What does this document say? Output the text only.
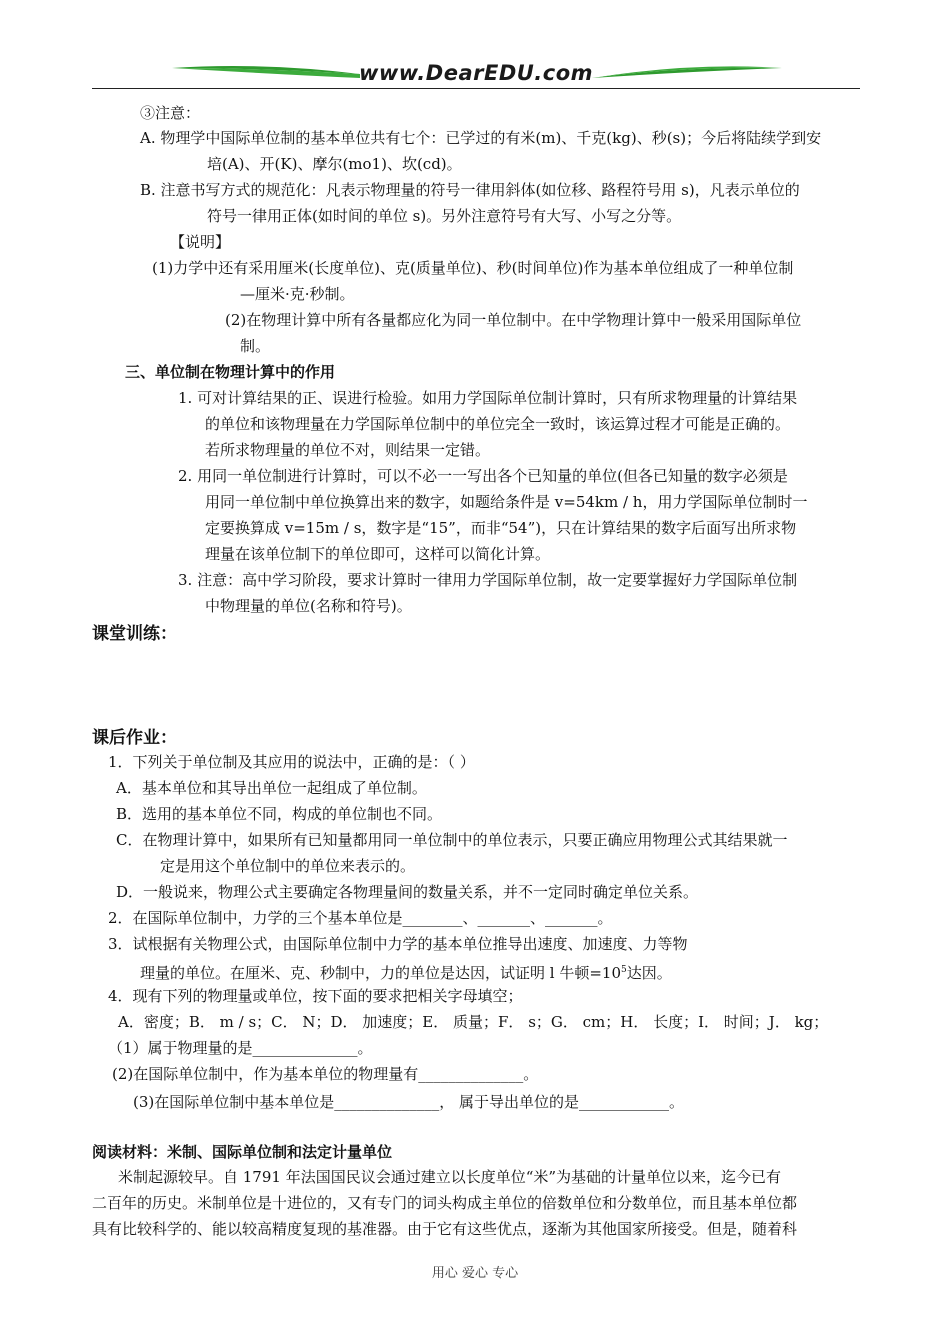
www.DearEDU.com
③注意：
A. 物理学中国际单位制的基本单位共有七个：已学过的有米(m)、千克(kg)、秒(s)；今后将陆续学到安
培(A)、开(K)、摩尔(mo1)、坎(cd)。
B. 注意书写方式的规范化：凡表示物理量的符号一律用斜体(如位移、路程符号用 s)，凡表示单位的
符号一律用正体(如时间的单位 s)。另外注意符号有大写、小写之分等。
【说明】
(1)力学中还有采用厘米(长度单位)、克(质量单位)、秒(时间单位)作为基本单位组成了一种单位制
—厘米·克·秒制。
(2)在物理计算中所有各量都应化为同一单位制中。在中学物理计算中一般采用国际单位
制。
三、单位制在物理计算中的作用
1. 可对计算结果的正、误进行检验。如用力学国际单位制计算时，只有所求物理量的计算结果
的单位和该物理量在力学国际单位制中的单位完全一致时，该运算过程才可能是正确的。
若所求物理量的单位不对，则结果一定错。
2. 用同一单位制进行计算时，可以不必一一写出各个已知量的单位(但各已知量的数字必须是
用同一单位制中单位换算出来的数字，如题给条件是 v=54km / h，用力学国际单位制时一
定要换算成 v=15m / s，数字是“15”，而非“54”)，只在计算结果的数字后面写出所求物
理量在该单位制下的单位即可，这样可以简化计算。
3. 注意：高中学习阶段，要求计算时一律用力学国际单位制，故一定要掌握好力学国际单位制
中物理量的单位(名称和符号)。
课堂训练：
课后作业：
1．下列关于单位制及其应用的说法中，正确的是：（ ）
A．基本单位和其导出单位一起组成了单位制。
B．选用的基本单位不同，构成的单位制也不同。
C．在物理计算中，如果所有已知量都用同一单位制中的单位表示，只要正确应用物理公式其结果就一
定是用这个单位制中的单位来表示的。
D．一般说来，物理公式主要确定各物理量间的数量关系，并不一定同时确定单位关系。
2．在国际单位制中，力学的三个基本单位是________、_______、_______。
3．试根据有关物理公式，由国际单位制中力学的基本单位推导出速度、加速度、力等物
理量的单位。在厘米、克、秒制中，力的单位是达因，试证明 l 牛顿$=10^5$达因。
4．现有下列的物理量或单位，按下面的要求把相关字母填空；
A．密度；B． m / s；C． N；D． 加速度；E． 质量；F． s；G． cm；H． 长度；I． 时间；J． kg；
（1）属于物理量的是______________。
(2)在国际单位制中，作为基本单位的物理量有______________。
(3)在国际单位制中基本单位是______________， 属于导出单位的是____________。
阅读材料：米制、国际单位制和法定计量单位
米制起源较早。自 1791 年法国国民议会通过建立以长度单位“米”为基础的计量单位以来，迄今已有
二百年的历史。米制单位是十进位的，又有专门的词头构成主单位的倍数单位和分数单位，而且基本单位都
具有比较科学的、能以较高精度复现的基准器。由于它有这些优点，逐渐为其他国家所接受。但是，随着科
用心 爱心 专心
